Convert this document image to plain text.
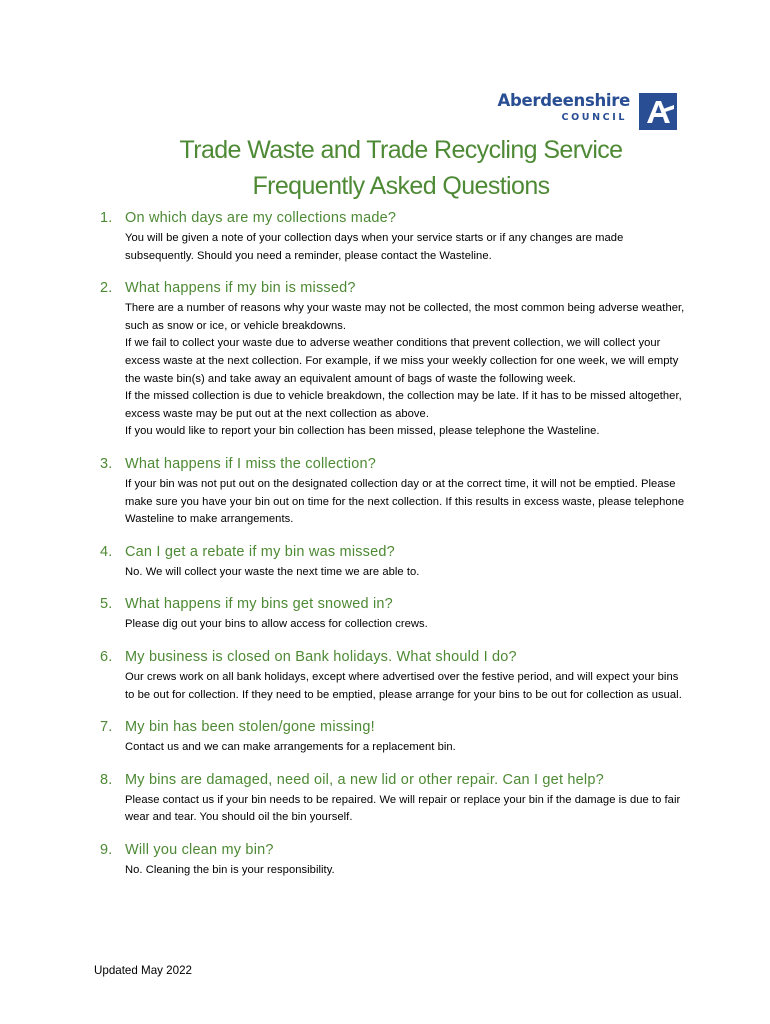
Aberdeenshire
COUNCIL
Trade Waste and Trade Recycling Service
Frequently Asked Questions
1. On which days are my collections made?

You will be given a note of your collection days when your service starts or if any changes are made subsequently. Should you need a reminder, please contact the Wasteline.

2. What happens if my bin is missed?

There are a number of reasons why your waste may not be collected, the most common being adverse weather, such as snow or ice, or vehicle breakdowns.

If we fail to collect your waste due to adverse weather conditions that prevent collection, we will collect your excess waste at the next collection. For example, if we miss your weekly collection for one week, we will empty the waste bin(s) and take away an equivalent amount of bags of waste the following week.

If the missed collection is due to vehicle breakdown, the collection may be late. If it has to be missed altogether, excess waste may be put out at the next collection as above.

If you would like to report your bin collection has been missed, please telephone the Wasteline.

3. What happens if I miss the collection?

If your bin was not put out on the designated collection day or at the correct time, it will not be emptied. Please make sure you have your bin out on time for the next collection. If this results in excess waste, please telephone Wasteline to make arrangements.

4. Can I get a rebate if my bin was missed?

No. We will collect your waste the next time we are able to.

5. What happens if my bins get snowed in?

Please dig out your bins to allow access for collection crews.

6. My business is closed on Bank holidays. What should I do?

Our crews work on all bank holidays, except where advertised over the festive period, and will expect your bins to be out for collection. If they need to be emptied, please arrange for your bins to be out for collection as usual.

7. My bin has been stolen/gone missing!

Contact us and we can make arrangements for a replacement bin.

8. My bins are damaged, need oil, a new lid or other repair. Can I get help?

Please contact us if your bin needs to be repaired. We will repair or replace your bin if the damage is due to fair wear and tear. You should oil the bin yourself.

9. Will you clean my bin?

No. Cleaning the bin is your responsibility.

Updated May 2022
